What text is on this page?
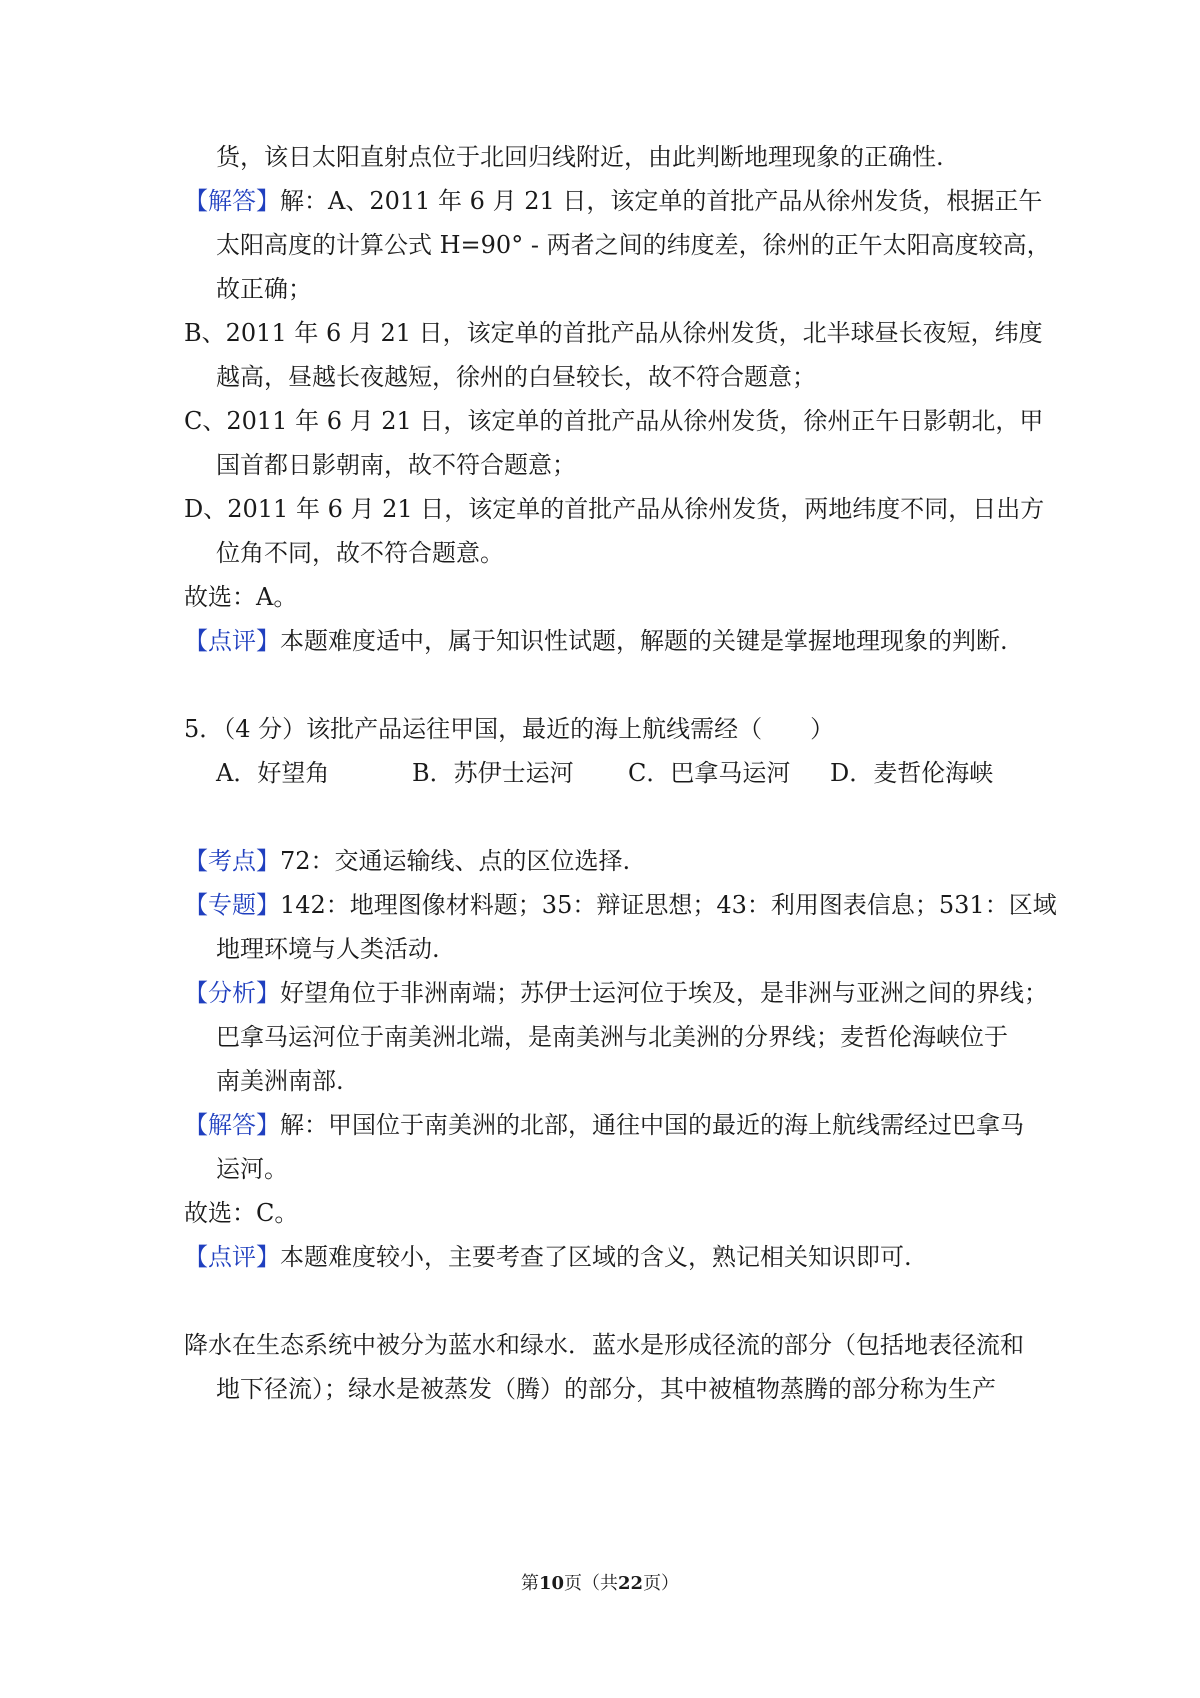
货，该日太阳直射点位于北回归线附近，由此判断地理现象的正确性.
【解答】解：A、2011 年 6 月 21 日，该定单的首批产品从徐州发货，根据正午
太阳高度的计算公式 H=90° - 两者之间的纬度差，徐州的正午太阳高度较高，
故正确；
B、2011 年 6 月 21 日，该定单的首批产品从徐州发货，北半球昼长夜短，纬度
越高，昼越长夜越短，徐州的白昼较长，故不符合题意；
C、2011 年 6 月 21 日，该定单的首批产品从徐州发货，徐州正午日影朝北，甲
国首都日影朝南，故不符合题意；
D、2011 年 6 月 21 日，该定单的首批产品从徐州发货，两地纬度不同，日出方
位角不同，故不符合题意。
故选：A。
【点评】本题难度适中，属于知识性试题，解题的关键是掌握地理现象的判断.
5．（4 分）该批产品运往甲国，最近的海上航线需经（　　）
A．好望角	B．苏伊士运河 C．巴拿马运河 D．麦哲伦海峡
【考点】72：交通运输线、点的区位选择.
【专题】142：地理图像材料题；35：辩证思想；43：利用图表信息；531：区域
地理环境与人类活动.
【分析】好望角位于非洲南端；苏伊士运河位于埃及，是非洲与亚洲之间的界线；
巴拿马运河位于南美洲北端，是南美洲与北美洲的分界线；麦哲伦海峡位于
南美洲南部.
【解答】解：甲国位于南美洲的北部，通往中国的最近的海上航线需经过巴拿马
运河。
故选：C。
【点评】本题难度较小，主要考查了区域的含义，熟记相关知识即可.
降水在生态系统中被分为蓝水和绿水．蓝水是形成径流的部分（包括地表径流和
地下径流）；绿水是被蒸发（腾）的部分，其中被植物蒸腾的部分称为生产
第10页（共22页）
